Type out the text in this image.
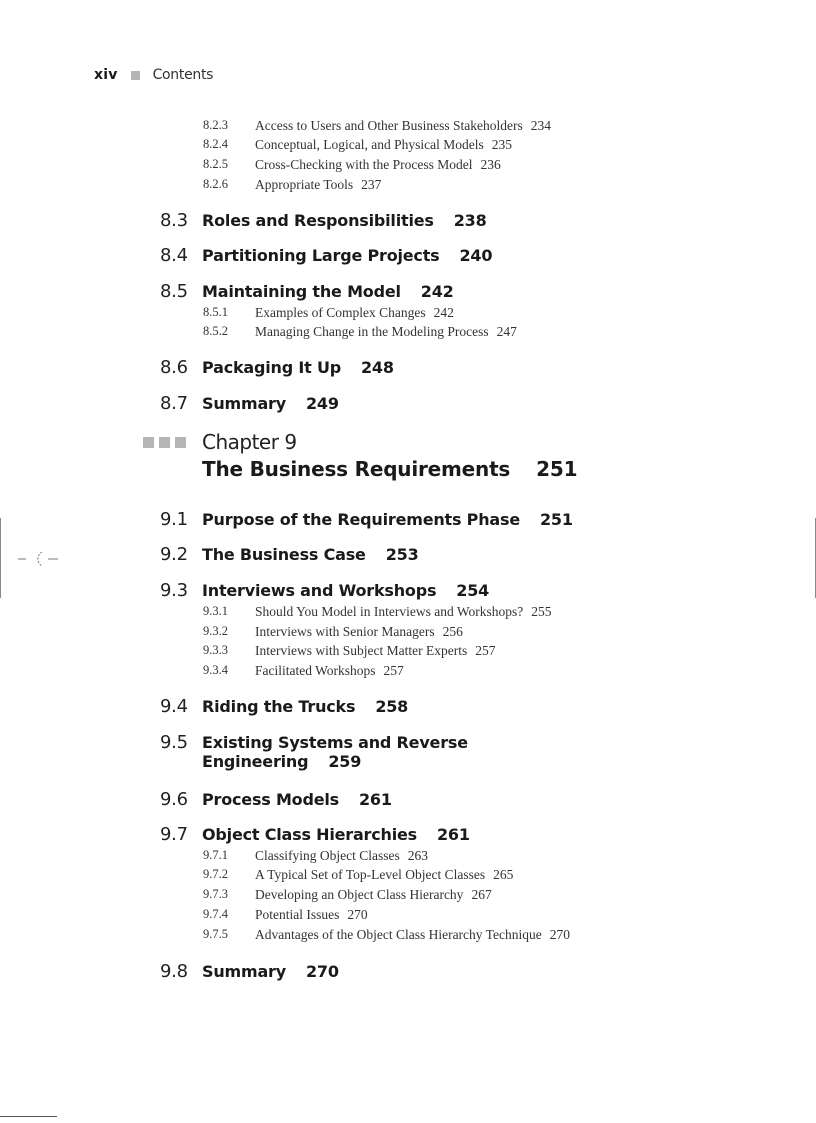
xiv	Contents
8.2.3 Access to Users and Other Business Stakeholders 234
8.2.4 Conceptual, Logical, and Physical Models 235
8.2.5 Cross-Checking with the Process Model 236
8.2.6 Appropriate Tools 237
8.3 Roles and Responsibilities 238
8.4 Partitioning Large Projects 240
8.5 Maintaining the Model 242
8.5.1 Examples of Complex Changes 242
8.5.2 Managing Change in the Modeling Process 247
8.6 Packaging It Up 248
8.7 Summary 249
Chapter 9
The Business Requirements 251
9.1 Purpose of the Requirements Phase 251
9.2 The Business Case 253
9.3 Interviews and Workshops 254
9.3.1 Should You Model in Interviews and Workshops? 255
9.3.2 Interviews with Senior Managers 256
9.3.3 Interviews with Subject Matter Experts 257
9.3.4 Facilitated Workshops 257
9.4 Riding the Trucks 258
9.5 Existing Systems and Reverse
Engineering 259
9.6 Process Models 261
9.7 Object Class Hierarchies 261
9.7.1 Classifying Object Classes 263
9.7.2 A Typical Set of Top-Level Object Classes 265
9.7.3 Developing an Object Class Hierarchy 267
9.7.4 Potential Issues 270
9.7.5 Advantages of the Object Class Hierarchy Technique 270
9.8 Summary 270
